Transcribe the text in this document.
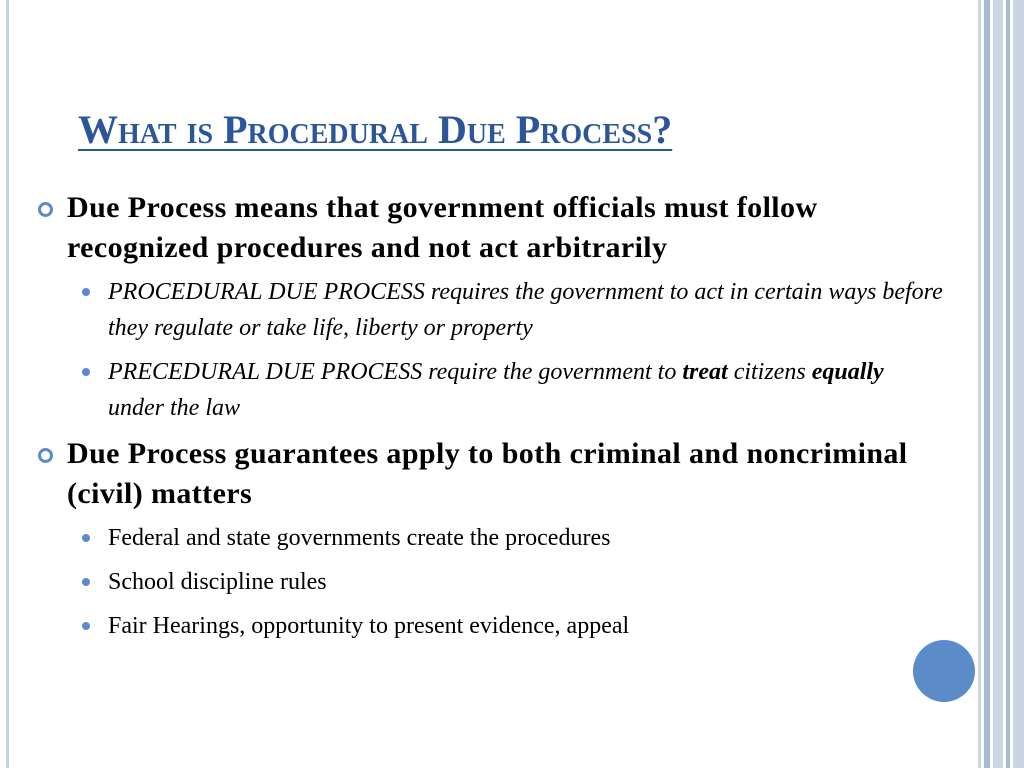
What is Procedural Due Process?
Due Process means that government officials must follow recognized procedures and not act arbitrarily
PROCEDURAL DUE PROCESS requires the government to act in certain ways before they regulate or take life, liberty or property
PRECEDURAL DUE PROCESS require the government to treat citizens equally under the law
Due Process guarantees apply to both criminal and noncriminal (civil) matters
Federal and state governments create the procedures
School discipline rules
Fair Hearings, opportunity to present evidence, appeal
